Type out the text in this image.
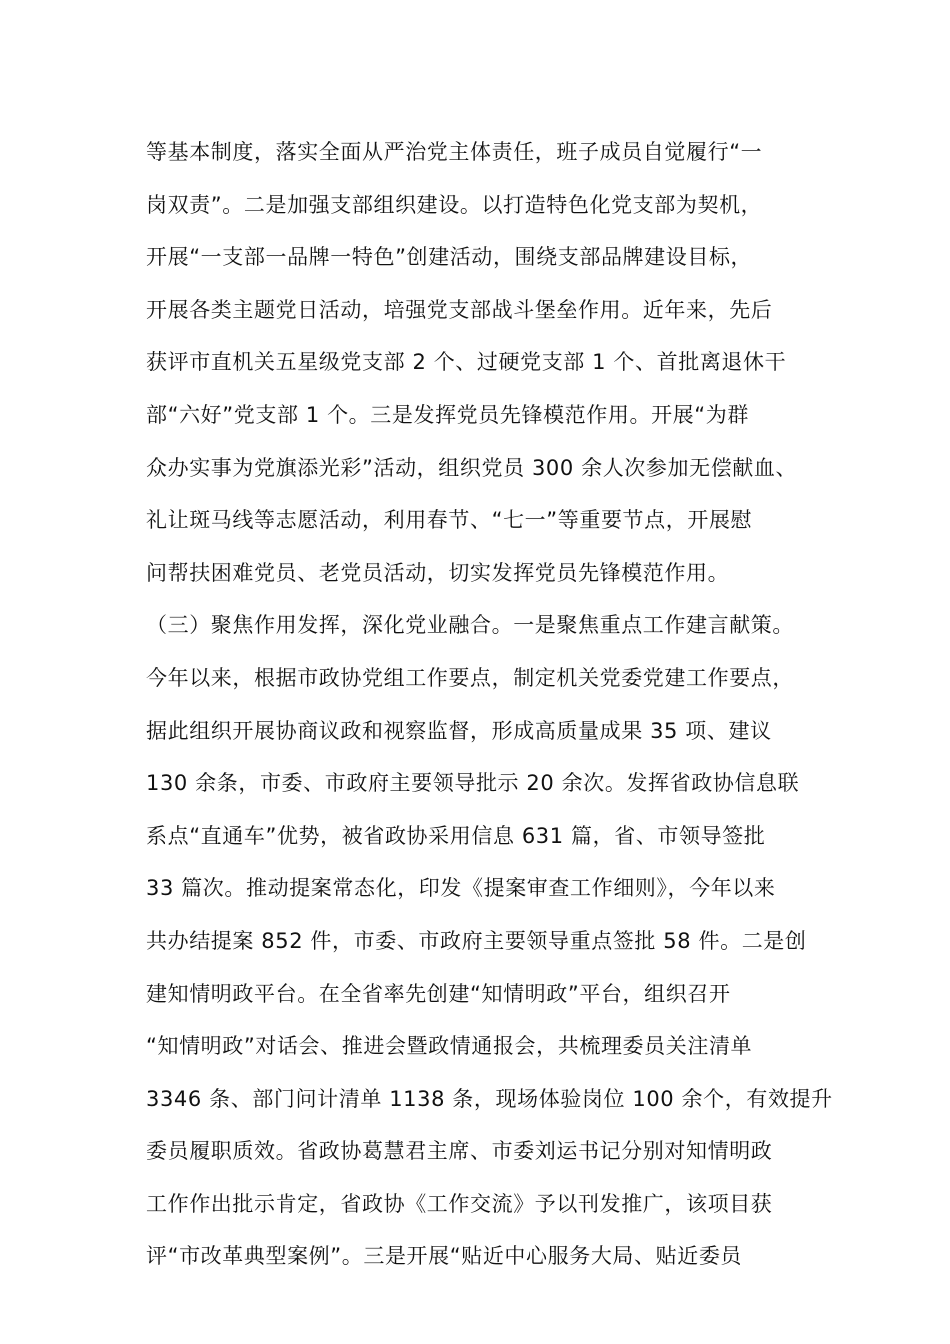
等基本制度，落实全面从严治党主体责任，班子成员自觉履行“一
岗双责”。二是加强支部组织建设。以打造特色化党支部为契机，
开展“一支部一品牌一特色”创建活动，围绕支部品牌建设目标，
开展各类主题党日活动，培强党支部战斗堡垒作用。近年来，先后
获评市直机关五星级党支部 2 个、过硬党支部 1 个、首批离退休干
部“六好”党支部 1 个。三是发挥党员先锋模范作用。开展“为群
众办实事为党旗添光彩”活动，组织党员 300 余人次参加无偿献血、
礼让斑马线等志愿活动，利用春节、“七一”等重要节点，开展慰
问帮扶困难党员、老党员活动，切实发挥党员先锋模范作用。
（三）聚焦作用发挥，深化党业融合。一是聚焦重点工作建言献策。
今年以来，根据市政协党组工作要点，制定机关党委党建工作要点，
据此组织开展协商议政和视察监督，形成高质量成果 35 项、建议
130 余条，市委、市政府主要领导批示 20 余次。发挥省政协信息联
系点“直通车”优势，被省政协采用信息 631 篇，省、市领导签批
33 篇次。推动提案常态化，印发《提案审查工作细则》，今年以来
共办结提案 852 件，市委、市政府主要领导重点签批 58 件。二是创
建知情明政平台。在全省率先创建“知情明政”平台，组织召开
“知情明政”对话会、推进会暨政情通报会，共梳理委员关注清单
3346 条、部门问计清单 1138 条，现场体验岗位 100 余个，有效提升
委员履职质效。省政协葛慧君主席、市委刘运书记分别对知情明政
工作作出批示肯定，省政协《工作交流》予以刊发推广，该项目获
评“市改革典型案例”。三是开展“贴近中心服务大局、贴近委员
